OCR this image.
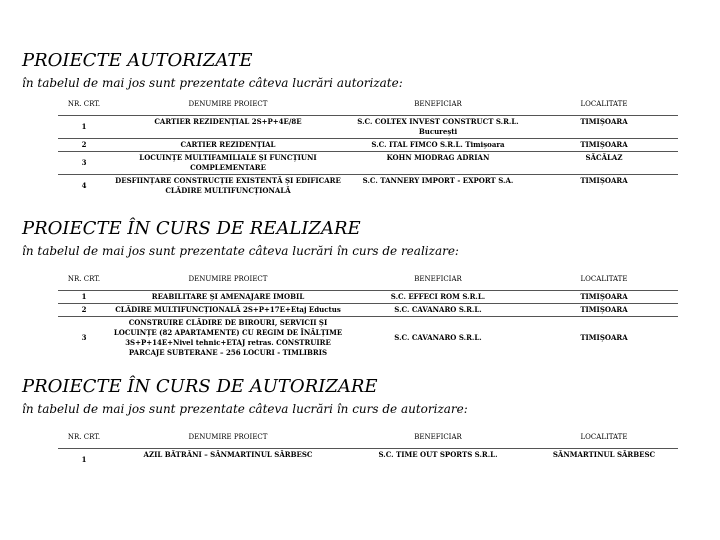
PROIECTE AUTORIZATE
în tabelul de mai jos sunt prezentate câteva lucrări autorizate:
NR. CRT.	DENUMIRE PROIECT	BENEFICIAR	LOCALITATE
1	CARTIER REZIDENȚIAL 2S+P+4E/8E	S.C. COLTEX INVEST CONSTRUCT S.R.L. București	TIMIȘOARA
2	CARTIER REZIDENȚIAL	S.C. ITAL FIMCO S.R.L. Timișoara	TIMIȘOARA
3	LOCUINȚE MULTIFAMILIALE ȘI FUNCȚIUNI COMPLEMENTARE	KOHN MIODRAG ADRIAN	SĂCĂLAZ
4	DESFIINȚARE CONSTRUCȚIE EXISTENTĂ ȘI EDIFICARE CLĂDIRE MULTIFUNCȚIONALĂ	S.C. TANNERY IMPORT - EXPORT S.A.	TIMIȘOARA
PROIECTE ÎN CURS DE REALIZARE
în tabelul de mai jos sunt prezentate câteva lucrări în curs de realizare:
NR. CRT.	DENUMIRE PROIECT	BENEFICIAR	LOCALITATE
1	REABILITARE ȘI AMENAJARE IMOBIL	S.C. EFFECI ROM S.R.L.	TIMIȘOARA
2	CLĂDIRE MULTIFUNCȚIONALĂ 2S+P+17E+Etaj Eductus	S.C. CAVANARO S.R.L.	TIMIȘOARA
3	CONSTRUIRE CLĂDIRE DE BIROURI, SERVICII ȘI LOCUINȚE (82 APARTAMENTE) CU REGIM DE ÎNĂLȚIME 3S+P+14E+Nivel tehnic+ETAJ retras. CONSTRUIRE PARCAJE SUBTERANE – 256 LOCURI - TIMLIBRIS	S.C. CAVANARO S.R.L.	TIMIȘOARA
PROIECTE ÎN CURS DE AUTORIZARE
în tabelul de mai jos sunt prezentate câteva lucrări în curs de autorizare:
NR. CRT.	DENUMIRE PROIECT	BENEFICIAR	LOCALITATE
1	AZIL BĂTRÂNI – SÂNMARTINUL SÂRBESC	S.C. TIME OUT SPORTS S.R.L.	SÂNMARTINUL SÂRBESC
